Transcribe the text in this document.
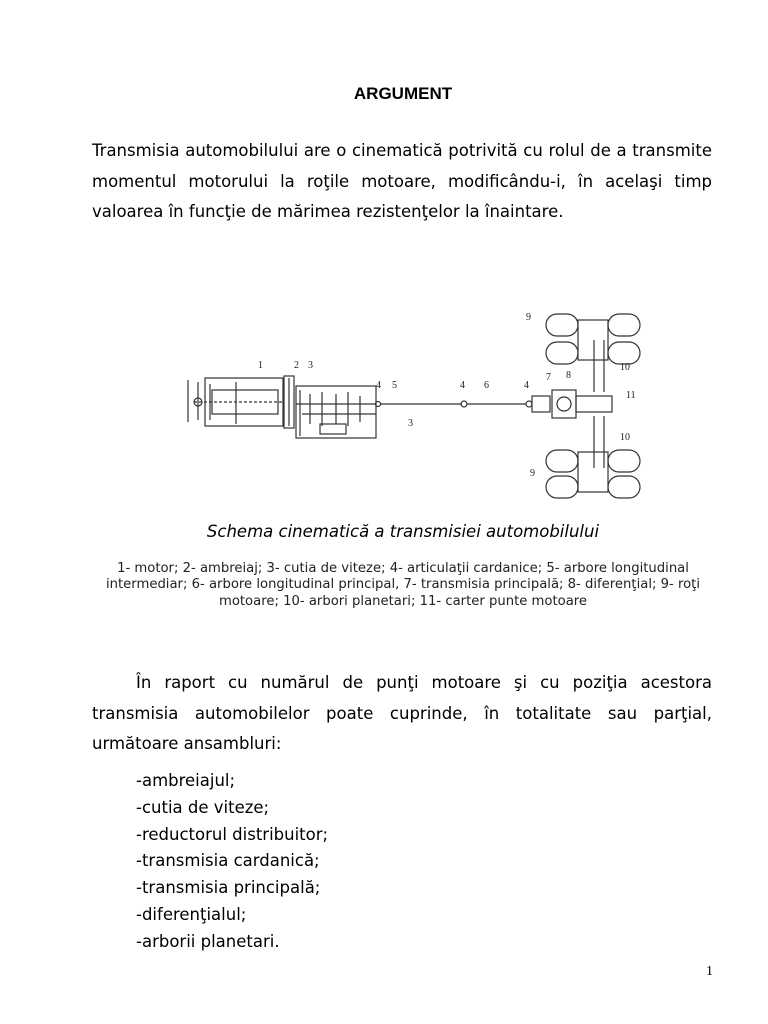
ARGUMENT
Transmisia automobilului are o cinematică potrivită cu rolul de a transmite momentul motorului la roţile motoare, modificându-i, în acelaşi timp valoarea în funcţie de mărimea rezistenţelor la înaintare.
1	2 3
4 5
3
4 6	4
7 8
9
10
11
10
9
Schema cinematică a transmisiei automobilului
1- motor; 2- ambreiaj; 3- cutia de viteze; 4- articulaţii cardanice; 5- arbore longitudinal intermediar; 6- arbore longitudinal principal, 7- transmisia principală; 8- diferenţial; 9- roţi motoare; 10- arbori planetari; 11- carter punte motoare
În raport cu numărul de punţi motoare şi cu poziţia acestora transmisia automobilelor poate cuprinde, în totalitate sau parţial, următoare ansambluri:
-ambreiajul;
-cutia de viteze;
-reductorul distribuitor;
-transmisia cardanică;
-transmisia principală;
-diferenţialul;
-arborii planetari.
1
